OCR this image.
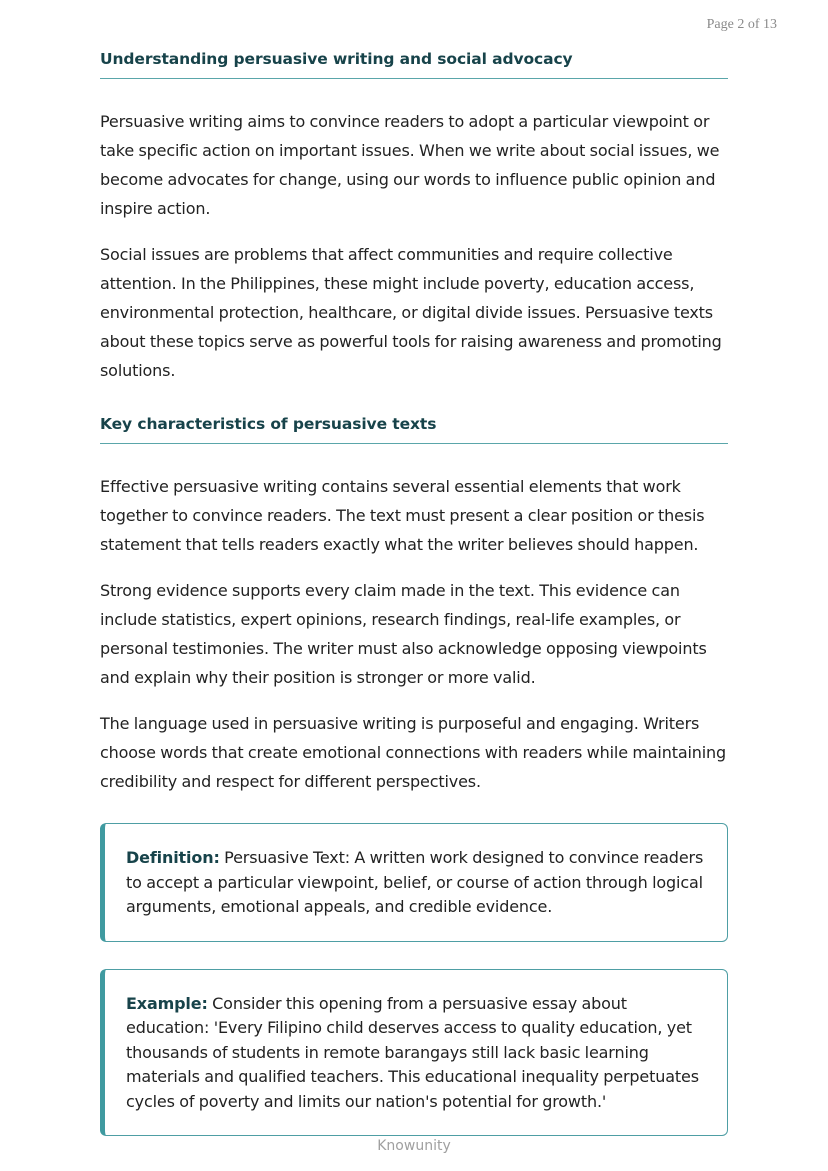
Page 2 of 13
Understanding persuasive writing and social advocacy

Persuasive writing aims to convince readers to adopt a particular viewpoint or take specific action on important issues. When we write about social issues, we become advocates for change, using our words to influence public opinion and inspire action.

Social issues are problems that affect communities and require collective attention. In the Philippines, these might include poverty, education access, environmental protection, healthcare, or digital divide issues. Persuasive texts about these topics serve as powerful tools for raising awareness and promoting solutions.

Key characteristics of persuasive texts

Effective persuasive writing contains several essential elements that work together to convince readers. The text must present a clear position or thesis statement that tells readers exactly what the writer believes should happen.

Strong evidence supports every claim made in the text. This evidence can include statistics, expert opinions, research findings, real-life examples, or personal testimonies. The writer must also acknowledge opposing viewpoints and explain why their position is stronger or more valid.

The language used in persuasive writing is purposeful and engaging. Writers choose words that create emotional connections with readers while maintaining credibility and respect for different perspectives.

Definition: Persuasive Text: A written work designed to convince readers to accept a particular viewpoint, belief, or course of action through logical arguments, emotional appeals, and credible evidence.
Example: Consider this opening from a persuasive essay about education: 'Every Filipino child deserves access to quality education, yet thousands of students in remote barangays still lack basic learning materials and qualified teachers. This educational inequality perpetuates cycles of poverty and limits our nation's potential for growth.'
Knowunity
